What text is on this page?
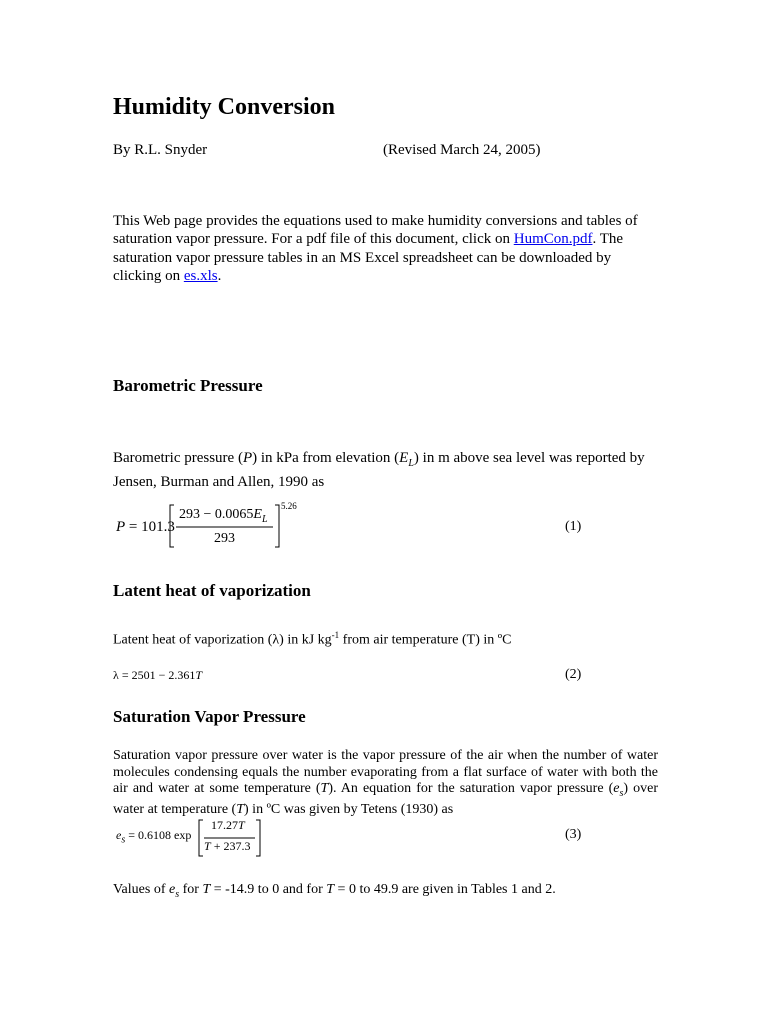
Humidity Conversion
By R.L. Snyder	(Revised March 24, 2005)
This Web page provides the equations used to make humidity conversions and tables of saturation vapor pressure. For a pdf file of this document, click on HumCon.pdf. The saturation vapor pressure tables in an MS Excel spreadsheet can be downloaded by clicking on es.xls.
Barometric Pressure
Barometric pressure (P) in kPa from elevation $(E_L)$ in m above sea level was reported by Jensen, Burman and Allen, 1990 as
P = 101.3
$293 - 0.0065E_L$
293
5.26
(1)
Latent heat of vaporization
Latent heat of vaporization (λ) in kJ $kg^{-1}$ from air temperature (T) in ºC
λ = 2501 − 2.361T	(2)
Saturation Vapor Pressure
Saturation vapor pressure over water is the vapor pressure of the air when the number of water molecules condensing equals the number evaporating from a flat surface of water with both the air and water at some temperature (T). An equation for the saturation vapor pressure $(e_s)$ over water at temperature (T) in ºC was given by Tetens (1930) as
$e_s = 0.6108$ exp
17.27T
T + 237.3
(3)
Values of $e_s$ for T = -14.9 to 0 and for T = 0 to 49.9 are given in Tables 1 and 2.
